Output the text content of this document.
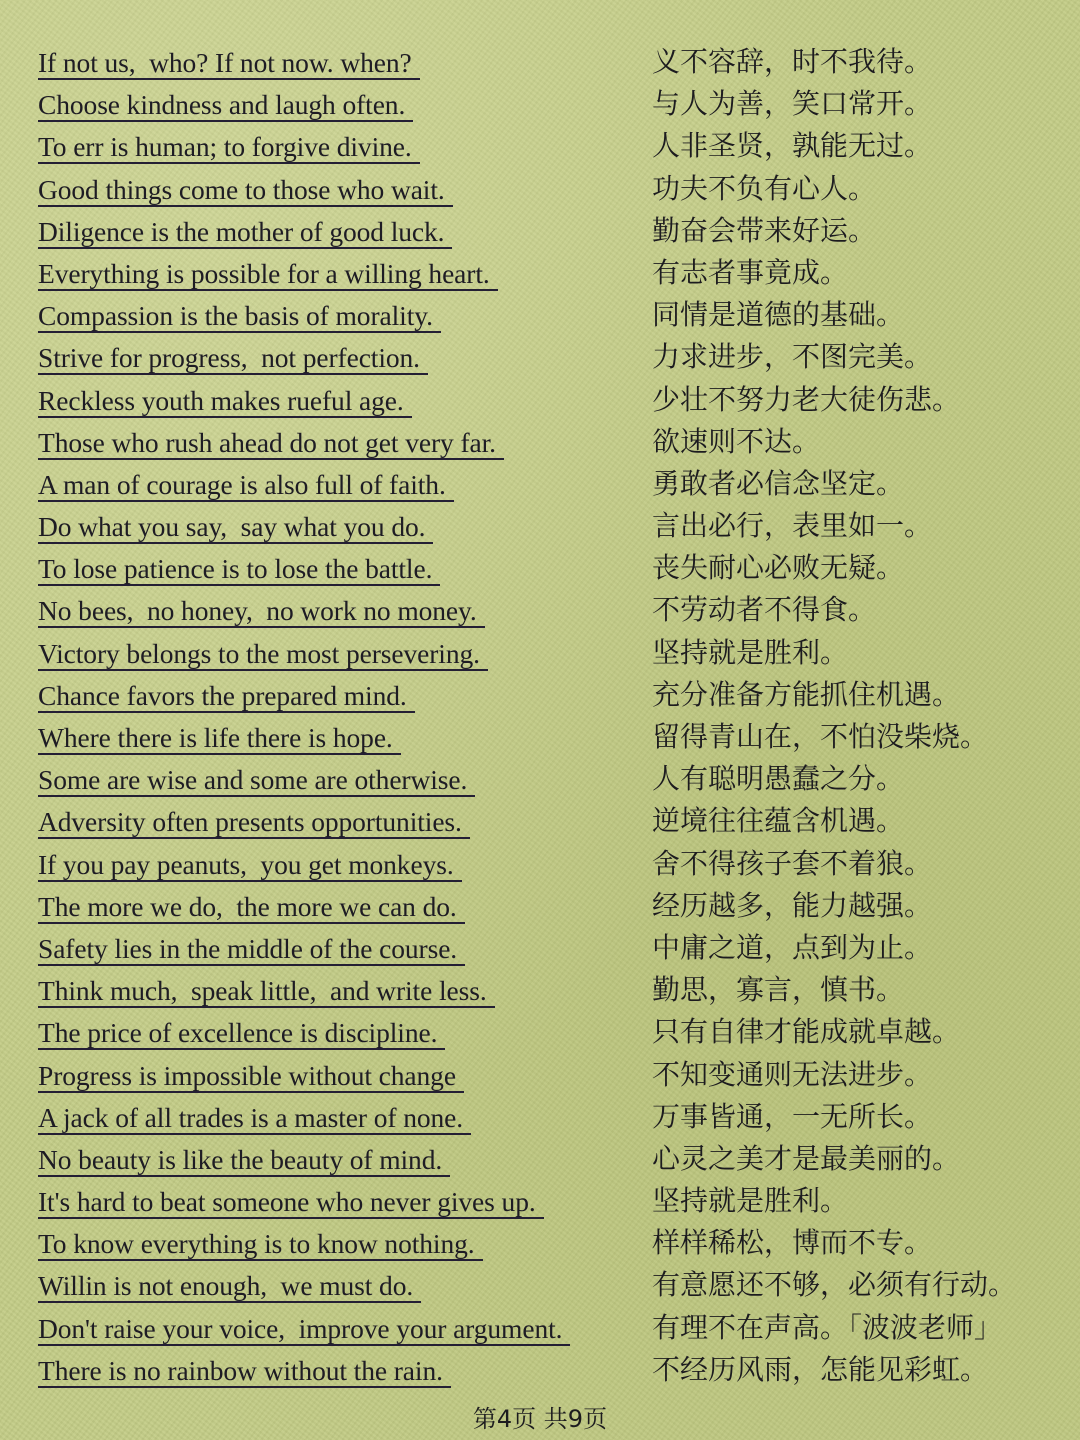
If not us,  who? If not now. when?	义不容辞，时不我待。
Choose kindness and laugh often.	与人为善，笑口常开。
To err is human; to forgive divine.	人非圣贤，孰能无过。
Good things come to those who wait.	功夫不负有心人。
Diligence is the mother of good luck.	勤奋会带来好运。
Everything is possible for a willing heart.	有志者事竟成。
Compassion is the basis of morality.	同情是道德的基础。
Strive for progress,  not perfection.	力求进步，不图完美。
Reckless youth makes rueful age.	少壮不努力老大徒伤悲。
Those who rush ahead do not get very far.	欲速则不达。
A man of courage is also full of faith.	勇敢者必信念坚定。
Do what you say,  say what you do.	言出必行，表里如一。
To lose patience is to lose the battle.	丧失耐心必败无疑。
No bees,  no honey,  no work no money.	不劳动者不得食。
Victory belongs to the most persevering.	坚持就是胜利。
Chance favors the prepared mind.	充分准备方能抓住机遇。
Where there is life there is hope.	留得青山在，不怕没柴烧。
Some are wise and some are otherwise.	人有聪明愚蠢之分。
Adversity often presents opportunities.	逆境往往蕴含机遇。
If you pay peanuts,  you get monkeys.	舍不得孩子套不着狼。
The more we do,  the more we can do.	经历越多，能力越强。
Safety lies in the middle of the course.	中庸之道，点到为止。
Think much,  speak little,  and write less.	勤思，寡言，慎书。
The price of excellence is discipline.	只有自律才能成就卓越。
Progress is impossible without change	不知变通则无法进步。
A jack of all trades is a master of none.	万事皆通，一无所长。
No beauty is like the beauty of mind.	心灵之美才是最美丽的。
It's hard to beat someone who never gives up.	坚持就是胜利。
To know everything is to know nothing.	样样稀松，博而不专。
Willin is not enough,  we must do.	有意愿还不够，必须有行动。
Don't raise your voice,  improve your argument.	有理不在声高。「波波老师」
There is no rainbow without the rain.	不经历风雨，怎能见彩虹。
第4页 共9页
